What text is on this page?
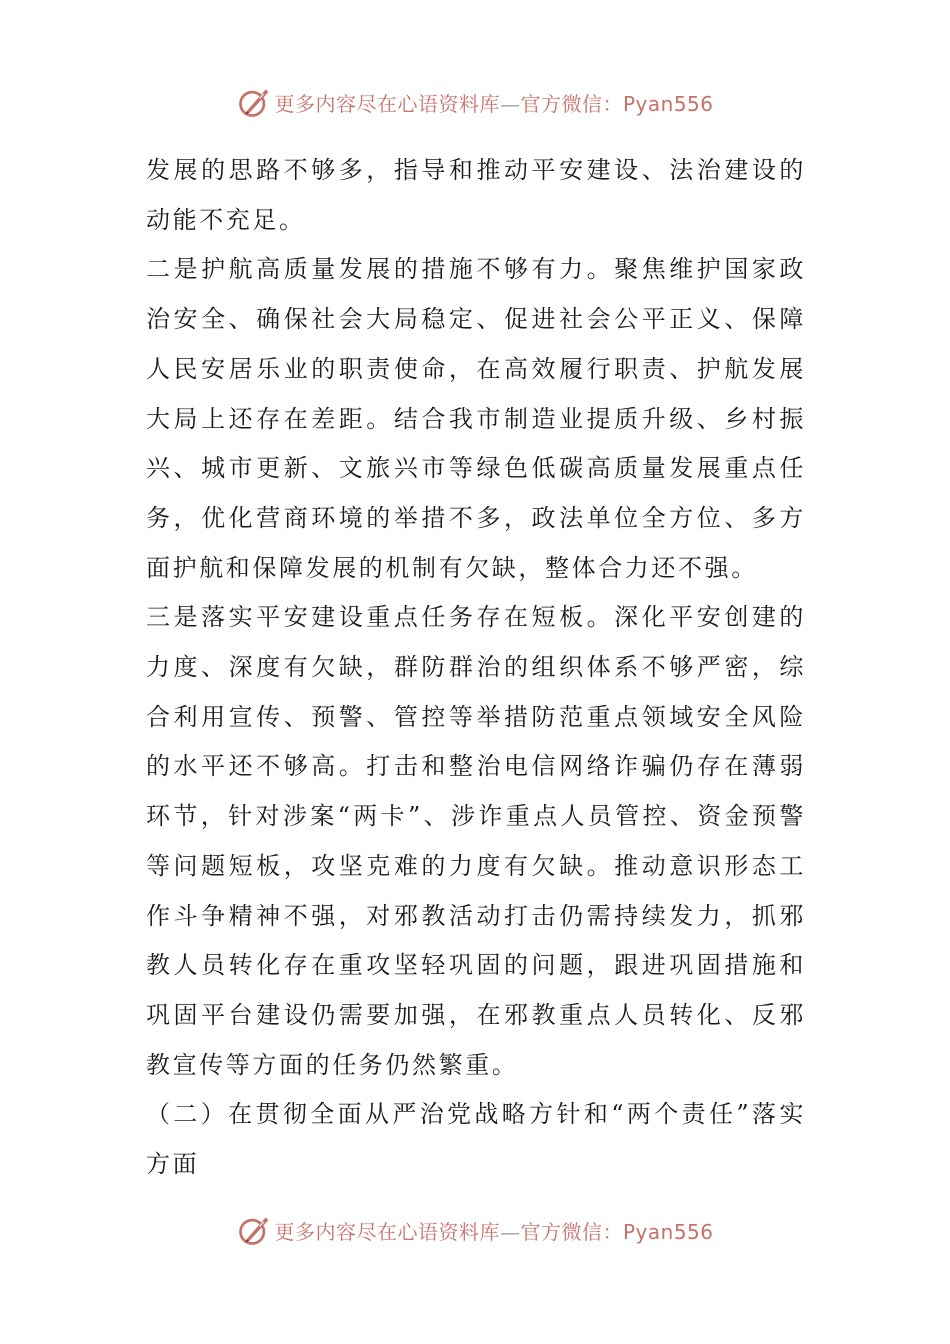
更多内容尽在心语资料库—官方微信：Pyan556

发展的思路不够多，指导和推动平安建设、法治建设的动能不充足。

二是护航高质量发展的措施不够有力。聚焦维护国家政治安全、确保社会大局稳定、促进社会公平正义、保障人民安居乐业的职责使命，在高效履行职责、护航发展大局上还存在差距。结合我市制造业提质升级、乡村振兴、城市更新、文旅兴市等绿色低碳高质量发展重点任务，优化营商环境的举措不多，政法单位全方位、多方面护航和保障发展的机制有欠缺，整体合力还不强。

三是落实平安建设重点任务存在短板。深化平安创建的力度、深度有欠缺，群防群治的组织体系不够严密，综合利用宣传、预警、管控等举措防范重点领域安全风险的水平还不够高。打击和整治电信网络诈骗仍存在薄弱环节，针对涉案“两卡”、涉诈重点人员管控、资金预警等问题短板，攻坚克难的力度有欠缺。推动意识形态工作斗争精神不强，对邪教活动打击仍需持续发力，抓邪教人员转化存在重攻坚轻巩固的问题，跟进巩固措施和巩固平台建设仍需要加强，在邪教重点人员转化、反邪教宣传等方面的任务仍然繁重。

（二）在贯彻全面从严治党战略方针和“两个责任”落实方面

更多内容尽在心语资料库—官方微信：Pyan556
